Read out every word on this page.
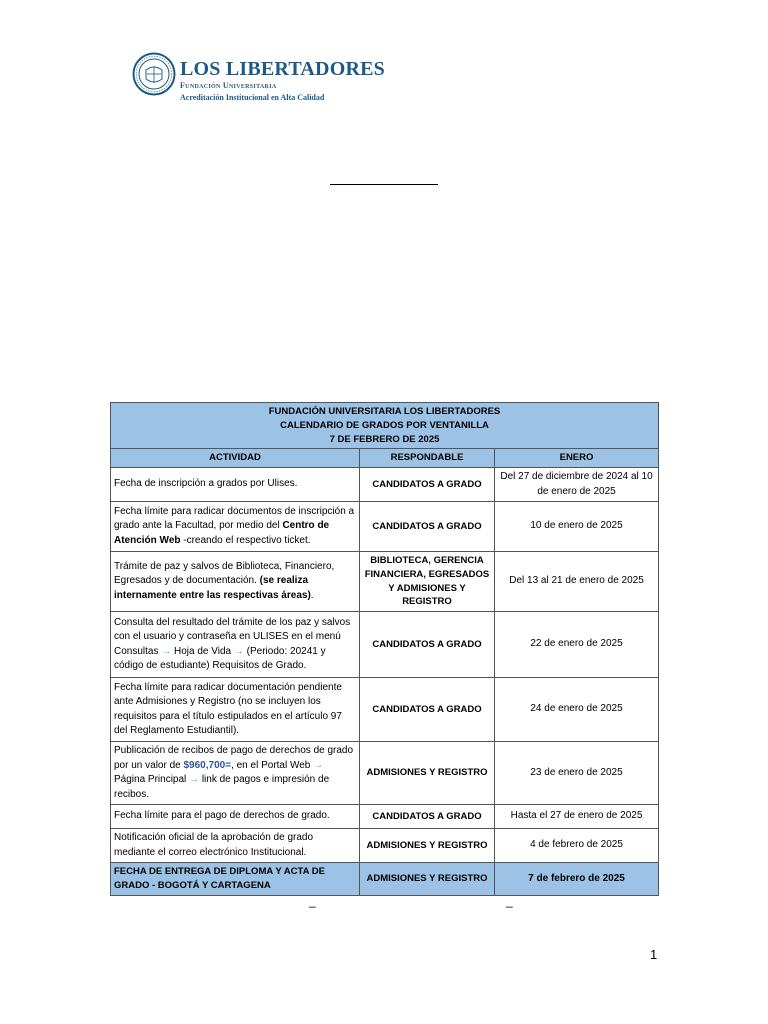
LOS LIBERTADORES
Fundación Universitaria
Acreditación Institucional en Alta Calidad
FUNDACIÓN UNIVERSITARIA LOS LIBERTADORES
CALENDARIO DE GRADOS POR VENTANILLA
7 DE FEBRERO DE 2025		

ACTIVIDAD	RESPONDABLE	ENERO
Fecha de inscripción a grados por Ulises.	CANDIDATOS A GRADO	Del 27 de diciembre de 2024 al 10 de enero de 2025
Fecha límite para radicar documentos de inscripción a grado ante la Facultad, por medio del Centro de Atención Web -creando el respectivo ticket.	CANDIDATOS A GRADO	10 de enero de 2025
Trámite de paz y salvos de Biblioteca, Financiero, Egresados y de documentación. (se realiza internamente entre las respectivas áreas).	BIBLIOTECA, GERENCIA FINANCIERA, EGRESADOS Y ADMISIONES Y REGISTRO	Del 13 al 21 de enero de 2025
Consulta del resultado del trámite de los paz y salvos con el usuario y contraseña en ULISES en el menú Consultas → Hoja de Vida → (Periodo: 20241 y código de estudiante) Requisitos de Grado.	CANDIDATOS A GRADO	22 de enero de 2025
Fecha límite para radicar documentación pendiente ante Admisiones y Registro (no se incluyen los requisitos para el título estipulados en el artículo 97 del Reglamento Estudiantil).	CANDIDATOS A GRADO	24 de enero de 2025
Publicación de recibos de pago de derechos de grado por un valor de $960,700=, en el Portal Web → Página Principal → link de pagos e impresión de recibos.	ADMISIONES Y REGISTRO	23 de enero de 2025
Fecha límite para el pago de derechos de grado.	CANDIDATOS A GRADO	Hasta el 27 de enero de 2025
Notificación oficial de la aprobación de grado mediante el correo electrónico Institucional.	ADMISIONES Y REGISTRO	4 de febrero de 2025
FECHA DE ENTREGA DE DIPLOMA Y ACTA DE GRADO - BOGOTÁ Y CARTAGENA	ADMISIONES Y REGISTRO	7 de febrero de 2025
_	_
1
